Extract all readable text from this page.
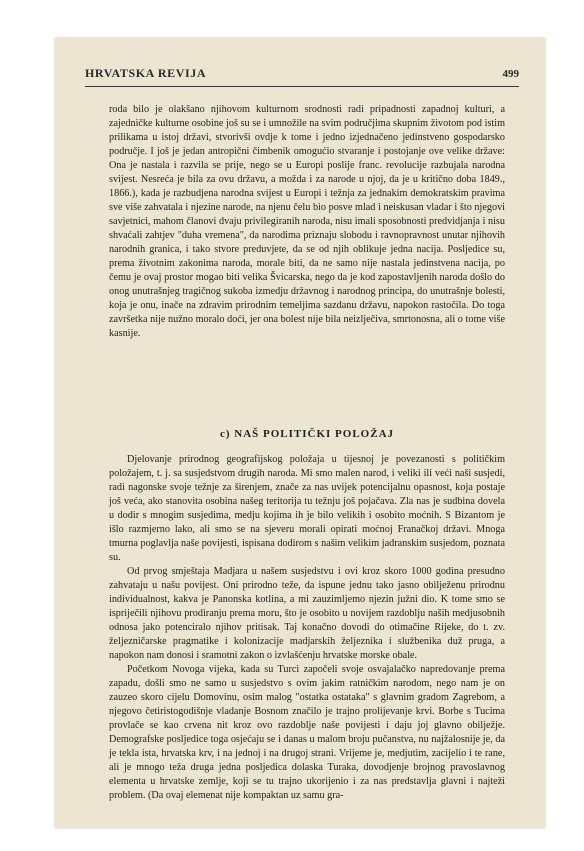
HRVATSKA REVIJA	499

roda bilo je olakšano njihovom kulturnom srodnosti radi pripadnosti zapadnoj kulturi, a zajedničke kulturne osobine još su se i umnožile na svim područjima skupnim životom pod istim prilikama u istoj državi, stvorivši ovdje k tome i jedno izjednačeno jedinstveno gospodarsko područje. I još je jedan antropični čimbenik omogućio stvaranje i postojanje ove velike države: Ona je nastala i razvila se prije, nego se u Europi poslije franc. revolucije razbujala narodna svijest. Nesreća je bila za ovu državu, a možda i za narode u njoj, da je u kritično doba 1849., 1866.), kada je razbudjena narodna svijest u Europi i težnja za jednakim demokratskim pravima sve više zahvatala i njezine narode, na njenu čelu bio posve mlad i neiskusan vladar i što njegovi savjetnici, mahom članovi dvaju privilegiranih naroda, nisu imali sposobnosti predvidjanja i nisu shvaćali zahtjev "duha vremena", da narodima priznaju slobodu i ravnopravnost unutar njihovih narodnih granica, i tako stvore preduvjete, da se od njih oblikuje jedna nacija. Posljedice su, prema životnim zakonima naroda, morale biti, da ne samo nije nastala jedinstvena nacija, po čemu je ovaj prostor mogao biti velika Švicarska, nego da je kod zapostavljenih naroda došlo do onog unutrašnjeg tragičnog sukoba izmedju državnog i narodnog principa, do unutrašnje bolesti, koja je onu, inače na zdravim prirodnim temeljima sazdanu državu, napokon rastočila. Do toga završetka nije nužno moralo doći, jer ona bolest nije bila neizlječiva, smrtonosna, ali o tome više kasnije.

c) NAŠ POLITIČKI POLOŽAJ

Djelovanje prirodnog geografijskog položaja u tijesnoj je povezanosti s političkim položajem, t. j. sa susjedstvom drugih naroda. Mi smo malen narod, i veliki ili veći naši susjedi, radi nagonske svoje težnje za širenjem, znače za nas uvijek potencijalnu opasnost, koja postaje još veća, ako stanovita osobina našeg teritorija tu težnju još pojačava. Zla nas je sudbina dovela u dodir s mnogim susjedima, medju kojima ih je bilo velikih i osobito moćnih. S Bizantom je išlo razmjerno lako, ali smo se na sjeveru morali opirati moćnoj Franačkoj državi. Mnoga tmurna poglavlja naše povijesti, ispisana dodirom s našim velikim jadranskim susjedom, poznata su.

Od prvog smještaja Madjara u našem susjedstvu i ovi kroz skoro 1000 godina presudno zahvataju u našu povijest. Oni prirodno teže, da ispune jednu tako jasno obilježenu prirodnu individualnost, kakva je Panonska kotlina, a mi zauzimljemo njezin južni dio. K tome smo se ispriječili njihovu prodiranju prema moru, što je osobito u novijem razdoblju naših medjusobnih odnosa jako potenciralo njihov pritisak. Taj konačno dovodi do otimačine Rijeke, do t. zv. željezničarske pragmatike i kolonizacije madjarskih željeznika i službenika duž pruga, a napokon nam donosi i sramotni zakon o izvlašćenju hrvatske morske obale.

Početkom Novoga vijeka, kada su Turci započeli svoje osvajalačko napredovanje prema zapadu, došli smo ne samo u susjedstvo s ovim jakim ratničkim narodom, nego nam je on zauzeo skoro cijelu Domovinu, osim malog "ostatka ostataka" s glavnim gradom Zagrebom, a njegovo četiristogodišnje vladanje Bosnom značilo je trajno prolijevanje krvi. Borbe s Tucima provlače se kao crvena nit kroz ovo razdoblje naše povijesti i daju joj glavno obilježje. Demografske posljedice toga osjećaju se i danas u malom broju pučanstva, nu najžalosnije je, da je tekla ista, hrvatska krv, i na jednoj i na drugoj strani. Vrijeme je, medjutim, zacijelio i te rane, ali je mnogo teža druga jedna posljedica dolaska Turaka, dovodjenje brojnog pravoslavnog elementa u hrvatske zemlje, koji se tu trajno ukorijenio i za nas predstavlja glavni i najteži problem. (Da ovaj elemenat nije kompaktan uz samu gra-
